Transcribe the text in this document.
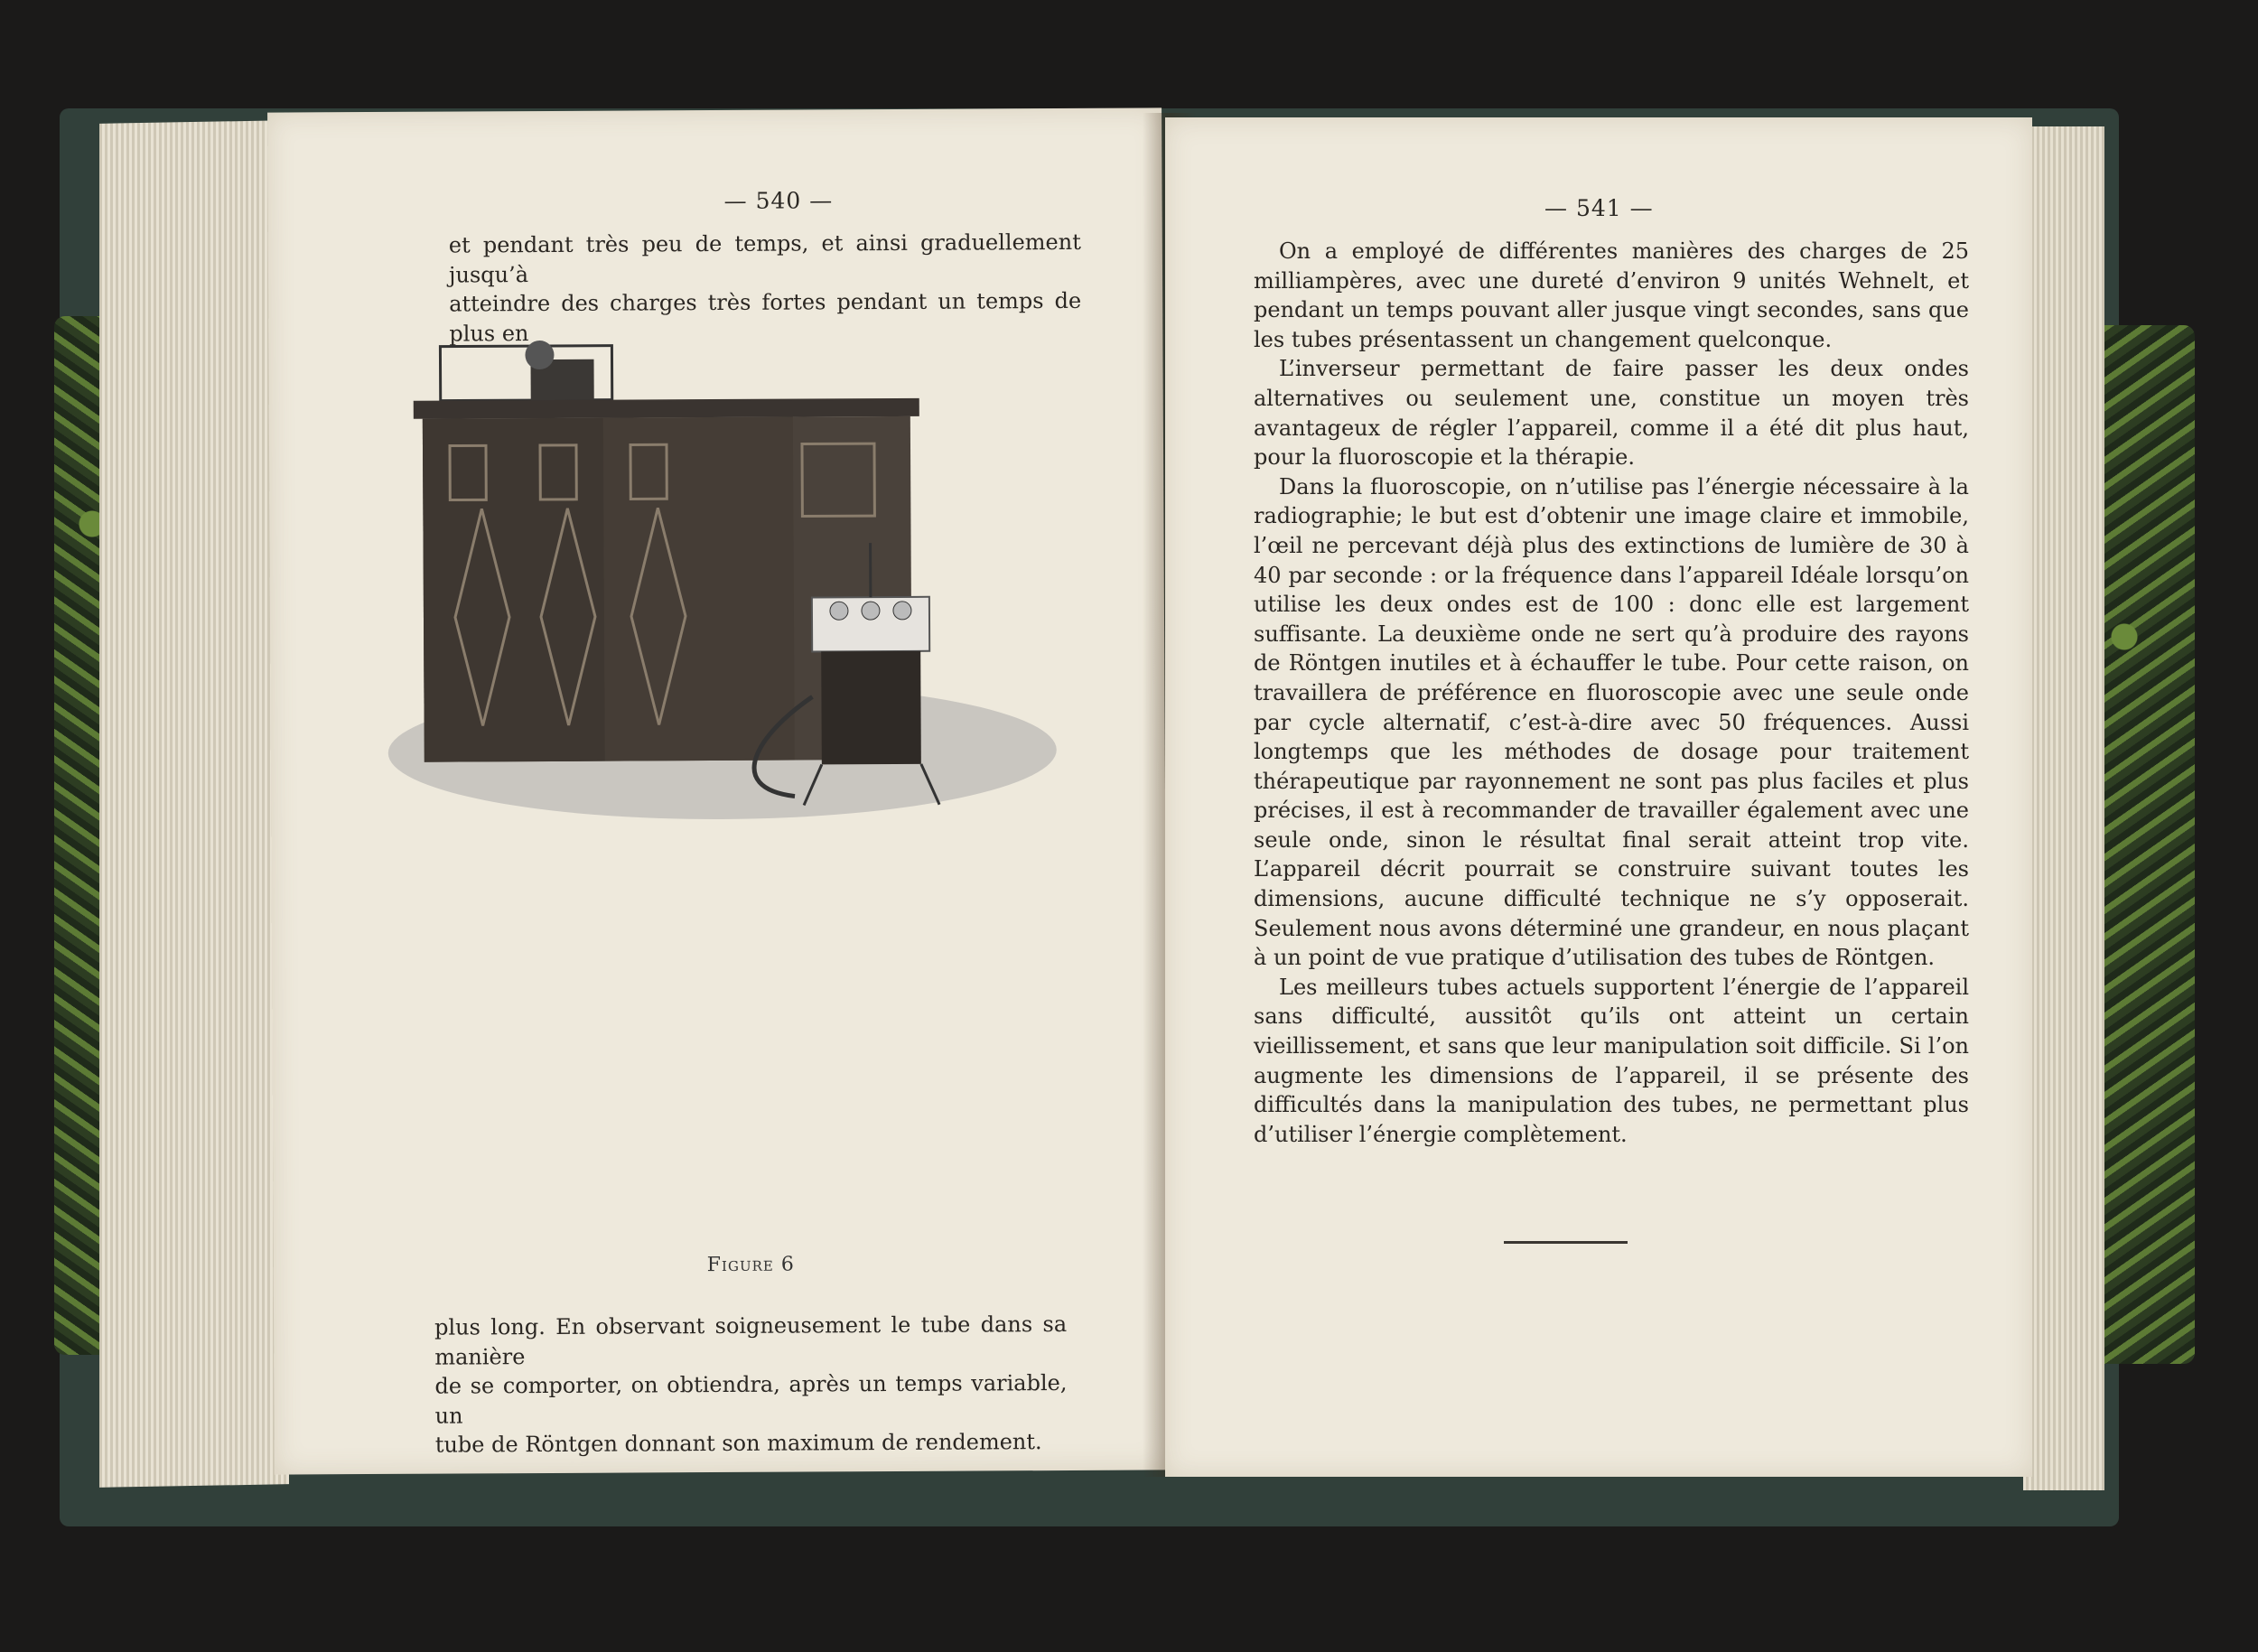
— 540 —

et pendant très peu de temps, et ainsi graduellement jusqu’à

atteindre des charges très fortes pendant un temps de plus en

Figure 6

plus long. En observant soigneusement le tube dans sa manière

de se comporter, on obtiendra, après un temps variable, un

tube de Röntgen donnant son maximum de rendement.

— 541 —

On a employé de différentes manières des charges de 25 milliampères, avec une dureté d’environ 9 unités Wehnelt, et pendant un temps pouvant aller jusque vingt secondes, sans que les tubes présentassent un changement quelconque.

L’inverseur permettant de faire passer les deux ondes alternatives ou seulement une, constitue un moyen très avantageux de régler l’appareil, comme il a été dit plus haut, pour la fluoroscopie et la thérapie.

Dans la fluoroscopie, on n’utilise pas l’énergie nécessaire à la radiographie; le but est d’obtenir une image claire et immobile, l’œil ne percevant déjà plus des extinctions de lumière de 30 à 40 par seconde : or la fréquence dans l’appareil Idéale lorsqu’on utilise les deux ondes est de 100 : donc elle est largement suffisante. La deuxième onde ne sert qu’à produire des rayons de Röntgen inutiles et à échauffer le tube. Pour cette raison, on travaillera de préférence en fluoroscopie avec une seule onde par cycle alternatif, c’est-à-dire avec 50 fréquences. Aussi longtemps que les méthodes de dosage pour traitement thérapeutique par rayonnement ne sont pas plus faciles et plus précises, il est à recommander de travailler également avec une seule onde, sinon le résultat final serait atteint trop vite. L’appareil décrit pourrait se construire suivant toutes les dimensions, aucune difficulté technique ne s’y opposerait. Seulement nous avons déterminé une grandeur, en nous plaçant à un point de vue pratique d’utilisation des tubes de Röntgen.

Les meilleurs tubes actuels supportent l’énergie de l’appareil sans difficulté, aussitôt qu’ils ont atteint un certain vieillissement, et sans que leur manipulation soit difficile. Si l’on augmente les dimensions de l’appareil, il se présente des difficultés dans la manipulation des tubes, ne permettant plus d’utiliser l’énergie complètement.
